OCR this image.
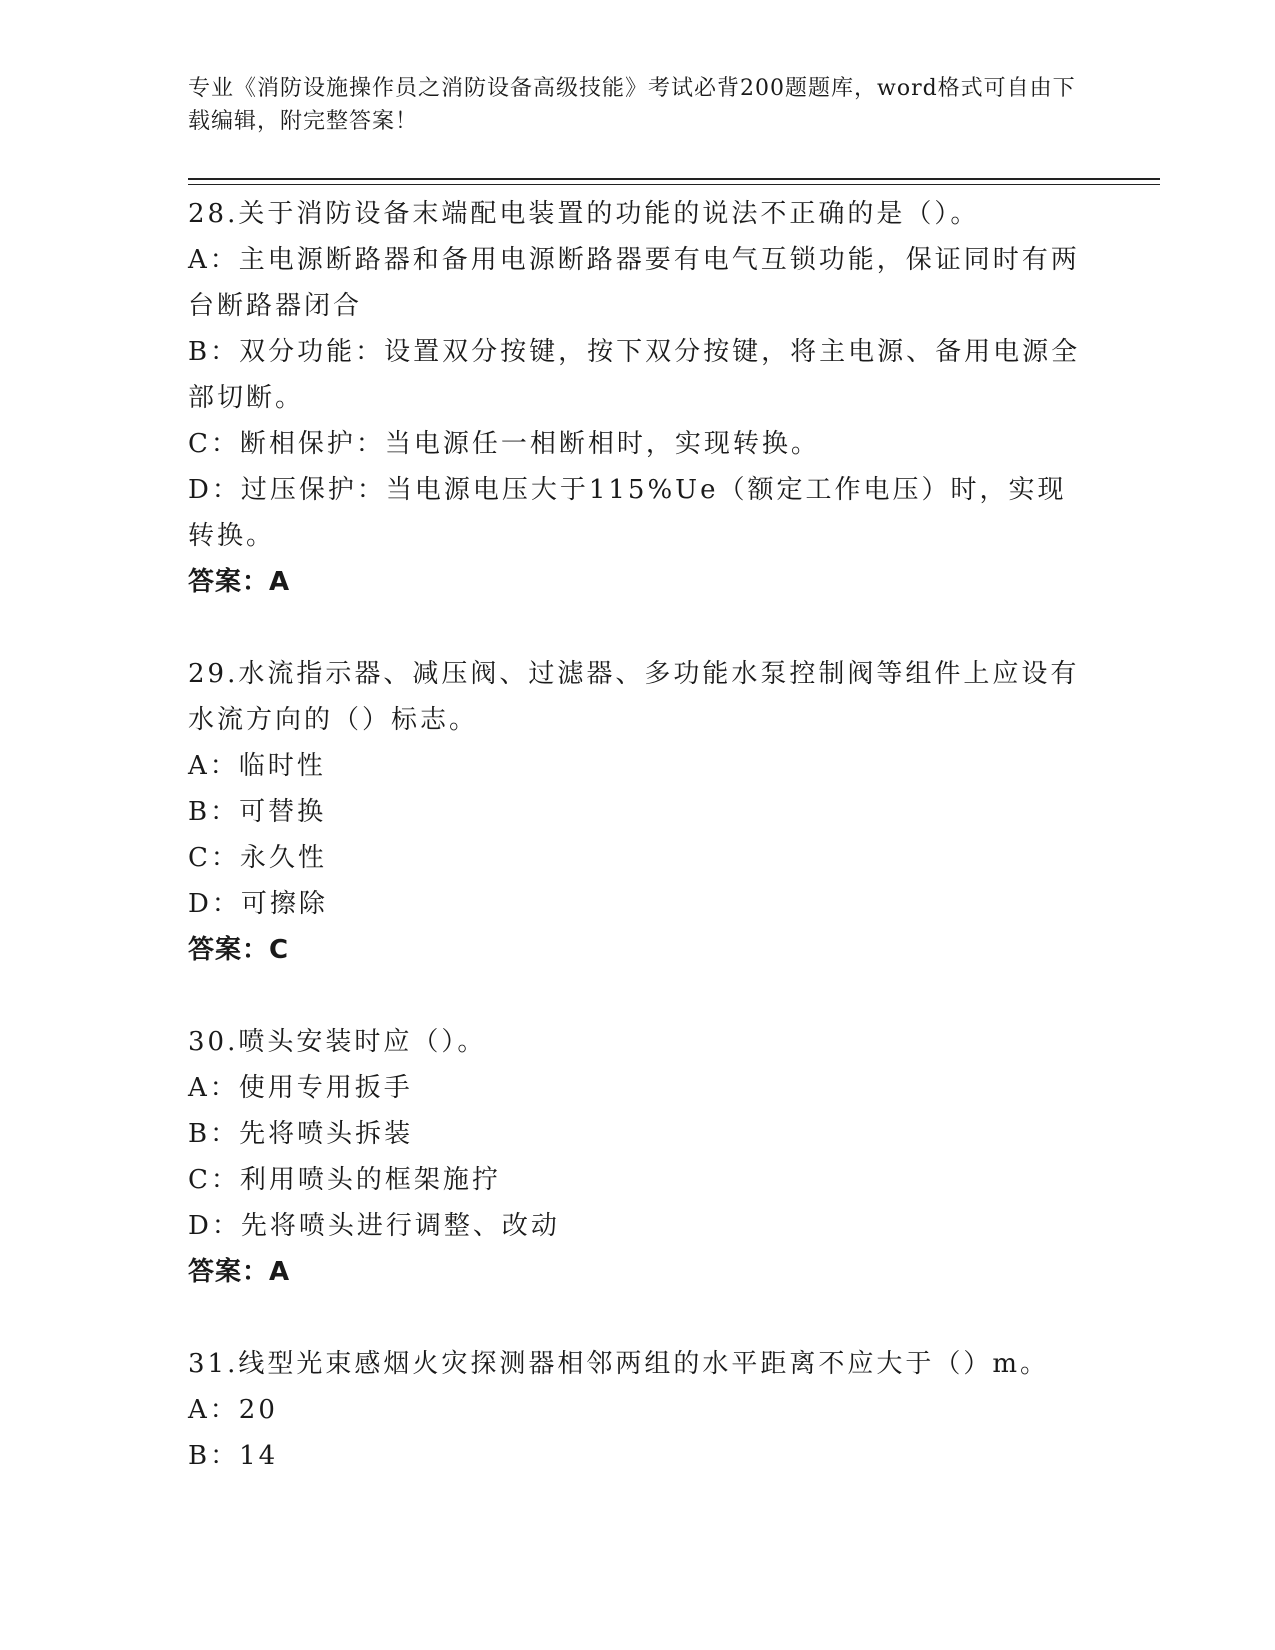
专业《消防设施操作员之消防设备高级技能》考试必背200题题库，word格式可自由下载编辑，附完整答案！

28.关于消防设备末端配电装置的功能的说法不正确的是（）。

A：主电源断路器和备用电源断路器要有电气互锁功能，保证同时有两台断路器闭合

B：双分功能：设置双分按键，按下双分按键，将主电源、备用电源全部切断。

C：断相保护：当电源任一相断相时，实现转换。

D：过压保护：当电源电压大于115%Ue（额定工作电压）时，实现转换。

答案：A

29.水流指示器、减压阀、过滤器、多功能水泵控制阀等组件上应设有水流方向的（）标志。

A：临时性

B：可替换

C：永久性

D：可擦除

答案：C

30.喷头安装时应（）。

A：使用专用扳手

B：先将喷头拆装

C：利用喷头的框架施拧

D：先将喷头进行调整、改动

答案：A

31.线型光束感烟火灾探测器相邻两组的水平距离不应大于（）m。

A：20

B：14
